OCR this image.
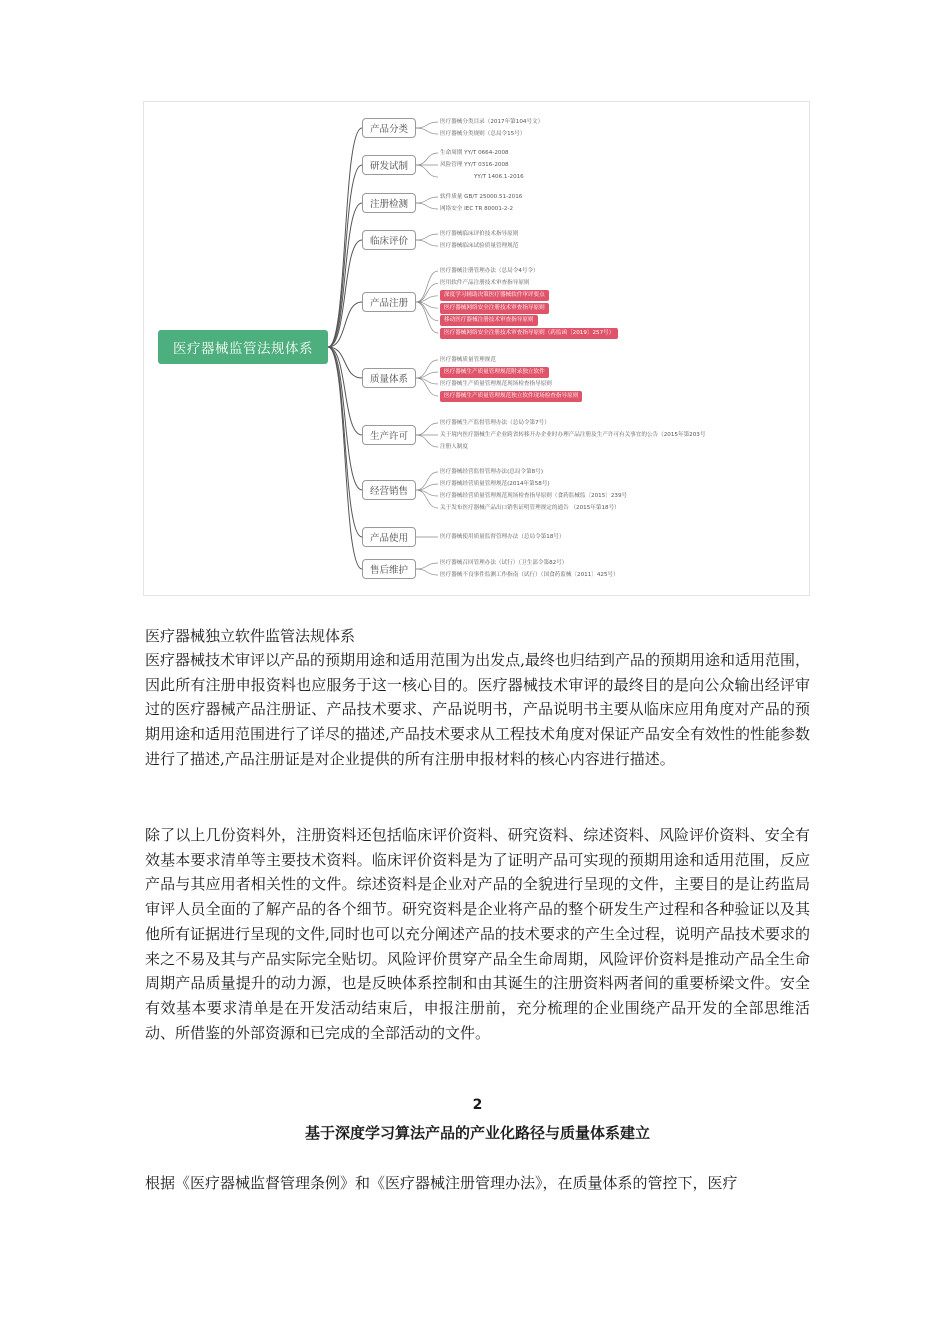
医疗器械监管法规体系
产品分类
医疗器械分类目录（2017年第104号文）
医疗器械分类规则（总局令15号）
研发试制
生命周期 YY/T 0664-2008
风险管理 YY/T 0316-2008
YY/T 1406.1-2016
注册检测
软件质量 GB/T 25000.51-2016
网络安全 IEC TR 80001-2-2
临床评价
医疗器械临床评价技术指导原则
医疗器械临床试验质量管理规范
产品注册
医疗器械注册管理办法（总局令4号令）
医用软件产品注册技术审查指导原则
深度学习辅助决策医疗器械软件审评要点
医疗器械网络安全注册技术审查指导原则
移动医疗器械注册技术审查指导原则
医疗器械网络安全注册技术审查指导原则（药监函〔2019〕257号）
质量体系
医疗器械质量管理规范
医疗器械生产质量管理规范附录独立软件
医疗器械生产质量管理规范现场检查指导原则
医疗器械生产质量管理规范独立软件现场检查指导原则
生产许可
医疗器械生产监督管理办法（总局令第7号）
关于境内医疗器械生产企业跨省转移开办企业时办理产品注册及生产许可有关事宜的公告（2015年第203号
注册人制度
经营销售
医疗器械经营监督管理办法(总局令第8号)
医疗器械经营质量管理规范(2014年第58号)
医疗器械经营质量管理规范现场检查指导原则（食药监械监〔2015〕239号
关于发布医疗器械产品出口销售证明管理规定的通告 （2015年第18号）
产品使用	医疗器械使用质量监督管理办法（总局令第18号）
售后维护
医疗器械召回管理办法（试行）（卫生部令第82号）
医疗器械不良事件监测工作指南（试行）（国食药监械〔2011〕425号）
医疗器械独立软件监管法规体系

医疗器械技术审评以产品的预期用途和适用范围为出发点,最终也归结到产品的预期用途和适用范围，因此所有注册申报资料也应服务于这一核心目的。医疗器械技术审评的最终目的是向公众输出经评审过的医疗器械产品注册证、产品技术要求、产品说明书，产品说明书主要从临床应用角度对产品的预期用途和适用范围进行了详尽的描述,产品技术要求从工程技术角度对保证产品安全有效性的性能参数进行了描述,产品注册证是对企业提供的所有注册申报材料的核心内容进行描述。

除了以上几份资料外，注册资料还包括临床评价资料、研究资料、综述资料、风险评价资料、安全有效基本要求清单等主要技术资料。临床评价资料是为了证明产品可实现的预期用途和适用范围，反应产品与其应用者相关性的文件。综述资料是企业对产品的全貌进行呈现的文件，主要目的是让药监局审评人员全面的了解产品的各个细节。研究资料是企业将产品的整个研发生产过程和各种验证以及其他所有证据进行呈现的文件,同时也可以充分阐述产品的技术要求的产生全过程，说明产品技术要求的来之不易及其与产品实际完全贴切。风险评价贯穿产品全生命周期，风险评价资料是推动产品全生命周期产品质量提升的动力源，也是反映体系控制和由其诞生的注册资料两者间的重要桥梁文件。安全有效基本要求清单是在开发活动结束后，申报注册前，充分梳理的企业围绕产品开发的全部思维活动、所借鉴的外部资源和已完成的全部活动的文件。

2
基于深度学习算法产品的产业化路径与质量体系建立

根据《医疗器械监督管理条例》和《医疗器械注册管理办法》，在质量体系的管控下，医疗
